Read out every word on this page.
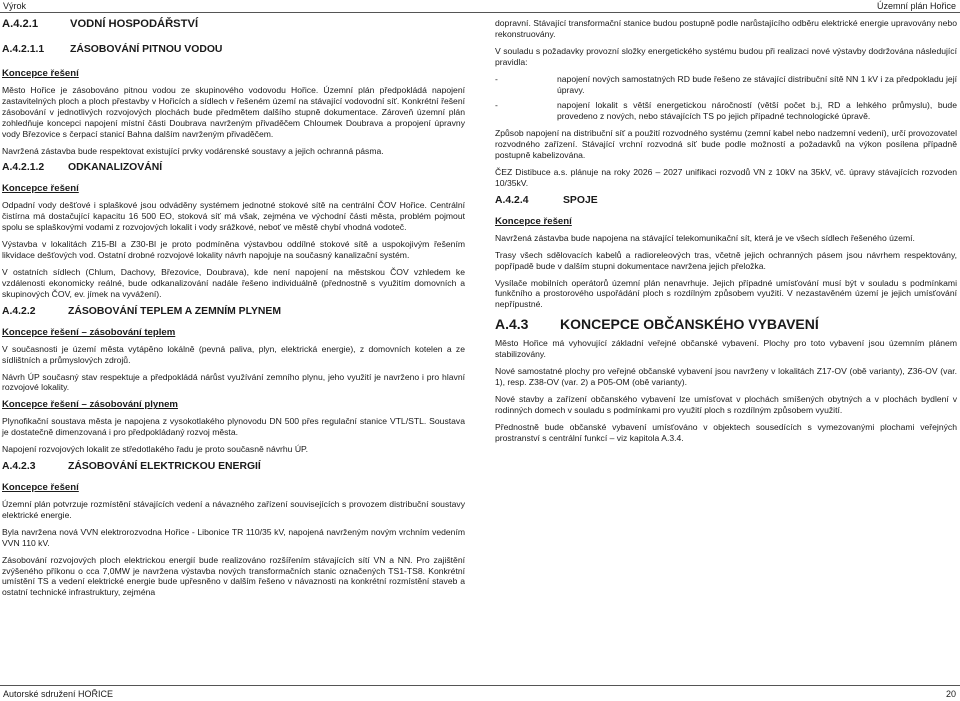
Výrok	Územní plán Hořice
A.4.2.1	VODNÍ HOSPODÁŘSTVÍ
A.4.2.1.1	ZÁSOBOVÁNÍ PITNOU VODOU
Koncepce řešení

Město Hořice je zásobováno pitnou vodou ze skupinového vodovodu Hořice. Územní plán předpokládá napojení zastavitelných ploch a ploch přestavby v Hořicích a sídlech v řešeném území na stávající vodovodní síť. Konkrétní řešení zásobování v jednotlivých rozvojových plochách bude předmětem dalšího stupně dokumentace. Zároveň územní plán zohledňuje koncepci napojení místní části Doubrava navrženým přivaděčem Chloumek Doubrava a propojení úpravny vody Březovice s čerpací stanicí Bahna dalším navrženým přivaděčem.

Navržená zástavba bude respektovat existující prvky vodárenské soustavy a jejich ochranná pásma.

A.4.2.1.2	ODKANALIZOVÁNÍ
Koncepce řešení

Odpadní vody dešťové i splaškové jsou odváděny systémem jednotné stokové sítě na centrální ČOV Hořice. Centrální čistírna má dostačující kapacitu 16 500 EO, stoková síť má však, zejména ve východní části města, problém pojmout spolu se splaškovými vodami z rozvojových lokalit i vody srážkové, neboť ve městě chybí vhodná vodoteč.

Výstavba v lokalitách Z15-Bl a Z30-Bl je proto podmíněna výstavbou oddílné stokové sítě a uspokojivým řešením likvidace dešťových vod. Ostatní drobné rozvojové lokality návrh napojuje na současný kanalizační systém.

V ostatních sídlech (Chlum, Dachovy, Březovice, Doubrava), kde není napojení na městskou ČOV vzhledem ke vzdálenosti ekonomicky reálné, bude odkanalizování nadále řešeno individuálně (přednostně s využitím domovních a skupinových ČOV, ev. jímek na vyvážení).

A.4.2.2	ZÁSOBOVÁNÍ TEPLEM A ZEMNÍM PLYNEM
Koncepce řešení – zásobování teplem

V současnosti je území města vytápěno lokálně (pevná paliva, plyn, elektrická energie), z domovních kotelen a ze sídlištních a průmyslových zdrojů.

Návrh ÚP současný stav respektuje a předpokládá nárůst využívání zemního plynu, jeho využití je navrženo i pro hlavní rozvojové lokality.

Koncepce řešení – zásobování plynem

Plynofikační soustava města je napojena z vysokotlakého plynovodu DN 500 přes regulační stanice VTL/STL. Soustava je dostatečně dimenzovaná i pro předpokládaný rozvoj města.

Napojení rozvojových lokalit ze středotlakého řadu je proto současně návrhu ÚP.

A.4.2.3	ZÁSOBOVÁNÍ ELEKTRICKOU ENERGIÍ
Koncepce řešení

Územní plán potvrzuje rozmístění stávajících vedení a návazného zařízení souvisejících s provozem distribuční soustavy elektrické energie.

Byla navržena nová VVN elektrorozvodna Hořice - Libonice TR 110/35 kV, napojená navrženým novým vrchním vedením VVN 110 kV.

Zásobování rozvojových ploch elektrickou energií bude realizováno rozšířením stávajících sítí VN a NN. Pro zajištění zvýšeného příkonu o cca 7,0MW je navržena výstavba nových transformačních stanic označených TS1-TS8. Konkrétní umístění TS a vedení elektrické energie bude upřesněno v dalším řešeno v návaznosti na konkrétní rozmístění staveb a ostatní technické infrastruktury, zejména

dopravní. Stávající transformační stanice budou postupně podle narůstajícího odběru elektrické energie upravovány nebo rekonstruovány.

V souladu s požadavky provozní složky energetického systému budou při realizaci nové výstavby dodržována následující pravidla:

-	napojení nových samostatných RD bude řešeno ze stávající distribuční sítě NN 1 kV i za předpokladu její úpravy.
-	napojení lokalit s větší energetickou náročností (větší počet b.j, RD a lehkého průmyslu), bude provedeno z nových, nebo stávajících TS po jejich případné technologické úpravě.

Způsob napojení na distribuční síť a použití rozvodného systému (zemní kabel nebo nadzemní vedení), určí provozovatel rozvodného zařízení. Stávající vrchní rozvodná síť bude podle možností a požadavků na výkon posílena případně postupně kabelizována.

ČEZ Distibuce a.s. plánuje na roky 2026 – 2027 unifikaci rozvodů VN z 10kV na 35kV, vč. úpravy stávajících rozvoden 10/35kV.

A.4.2.4	SPOJE
Koncepce řešení

Navržená zástavba bude napojena na stávající telekomunikační sít, která je ve všech sídlech řešeného území.

Trasy všech sdělovacích kabelů a radioreleových tras, včetně jejich ochranných pásem jsou návrhem respektovány, popřípadě bude v dalším stupni dokumentace navržena jejich přeložka.

Vysílače mobilních operátorů územní plán nenavrhuje. Jejich případné umísťování musí být v souladu s podmínkami funkčního a prostorového uspořádání ploch s rozdílným způsobem využití. V nezastavěném území je jejich umísťování nepřípustné.

A.4.3	KONCEPCE OBČANSKÉHO VYBAVENÍ

Město Hořice má vyhovující základní veřejné občanské vybavení. Plochy pro toto vybavení jsou územním plánem stabilizovány.

Nové samostatné plochy pro veřejné občanské vybavení jsou navrženy v lokalitách Z17-OV (obě varianty), Z36-OV (var. 1), resp. Z38-OV (var. 2) a P05-OM (obě varianty).

Nové stavby a zařízení občanského vybavení lze umísťovat v plochách smíšených obytných a v plochách bydlení v rodinných domech v souladu s podmínkami pro využití ploch s rozdílným způsobem využití.

Přednostně bude občanské vybavení umísťováno v objektech sousedících s vymezovanými plochami veřejných prostranství s centrální funkcí – viz kapitola A.3.4.

Autorské sdružení HOŘICE	20
